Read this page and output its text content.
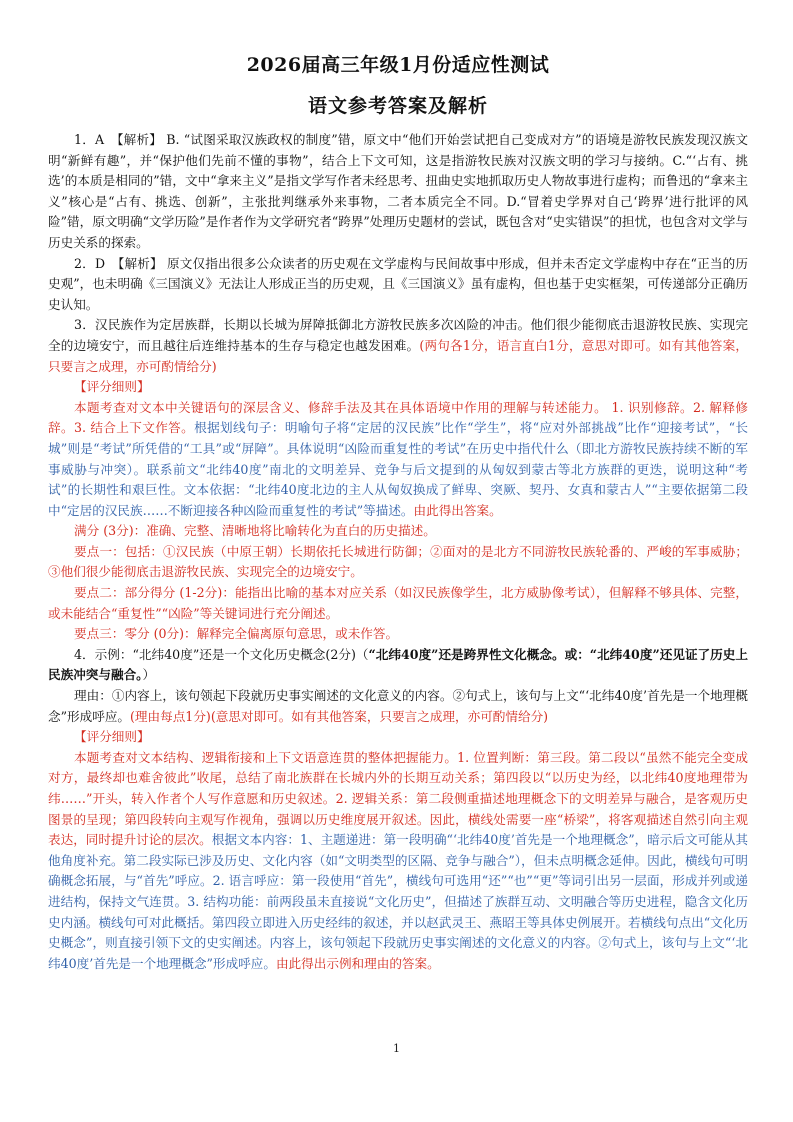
2026届高三年级1月份适应性测试
语文参考答案及解析

1．A　【解析】 B. “试图采取汉族政权的制度”错，原文中“他们开始尝试把自己变成对方”的语境是游牧民族发现汉族文明“新鲜有趣”，并“保护他们先前不懂的事物”，结合上下文可知，这是指游牧民族对汉族文明的学习与接纳。C.“‘占有、挑选’的本质是相同的”错，文中“拿来主义”是指文学写作者未经思考、扭曲史实地抓取历史人物故事进行虚构；而鲁迅的“拿来主义”核心是“占有、挑选、创新”，主张批判继承外来事物，二者本质完全不同。D.“冒着史学界对自己‘跨界’进行批评的风险”错，原文明确“文学历险”是作者作为文学研究者“跨界”处理历史题材的尝试，既包含对“史实错误”的担忧，也包含对文学与历史关系的探索。

2．D　【解析】 原文仅指出很多公众读者的历史观在文学虚构与民间故事中形成，但并未否定文学虚构中存在“正当的历史观”，也未明确《三国演义》无法让人形成正当的历史观，且《三国演义》虽有虚构，但也基于史实框架，可传递部分正确历史认知。

3．汉民族作为定居族群，长期以长城为屏障抵御北方游牧民族多次凶险的冲击。他们很少能彻底击退游牧民族、实现完全的边境安宁，而且越往后连维持基本的生存与稳定也越发困难。(两句各1分，语言直白1分，意思对即可。如有其他答案，只要言之成理，亦可酌情给分)

【评分细则】

本题考查对文本中关键语句的深层含义、修辞手法及其在具体语境中作用的理解与转述能力。 1. 识别修辞。2. 解释修辞。3. 结合上下文作答。根据划线句子：明喻句子将“定居的汉民族”比作“学生”，将“应对外部挑战”比作“迎接考试”，“长城”则是“考试”所凭借的“工具”或“屏障”。具体说明“凶险而重复性的考试”在历史中指代什么（即北方游牧民族持续不断的军事威胁与冲突）。联系前文“北纬40度”南北的文明差异、竞争与后文提到的从匈奴到蒙古等北方族群的更迭，说明这种“考试”的长期性和艰巨性。文本依据：“北纬40度北边的主人从匈奴换成了鲜卑、突厥、契丹、女真和蒙古人”“主要依据第二段中“定居的汉民族……不断迎接各种凶险而重复性的考试”等描述。由此得出答案。

满分 (3分)：准确、完整、清晰地将比喻转化为直白的历史描述。

要点一：包括：①汉民族（中原王朝）长期依托长城进行防御；②面对的是北方不同游牧民族轮番的、严峻的军事威胁；③他们很少能彻底击退游牧民族、实现完全的边境安宁。

要点二：部分得分 (1-2分)：能指出比喻的基本对应关系（如汉民族像学生，北方威胁像考试），但解释不够具体、完整，或未能结合“重复性”“凶险”等关键词进行充分阐述。

要点三：零分 (0分)：解释完全偏离原句意思，或未作答。

4．示例：“北纬40度”还是一个文化历史概念(2分)（“北纬40度”还是跨界性文化概念。或：“北纬40度”还见证了历史上民族冲突与融合。）

理由：①内容上，该句领起下段就历史事实阐述的文化意义的内容。②句式上，该句与上文“‘北纬40度’首先是一个地理概念”形成呼应。(理由每点1分)(意思对即可。如有其他答案，只要言之成理，亦可酌情给分)

【评分细则】

本题考查对文本结构、逻辑衔接和上下文语意连贯的整体把握能力。1. 位置判断：第三段。第二段以“虽然不能完全变成对方，最终却也难舍彼此”收尾，总结了南北族群在长城内外的长期互动关系；第四段以“以历史为经，以北纬40度地理带为纬……”开头，转入作者个人写作意愿和历史叙述。2. 逻辑关系：第二段侧重描述地理概念下的文明差异与融合，是客观历史图景的呈现；第四段转向主观写作视角，强调以历史维度展开叙述。因此，横线处需要一座“桥梁”，将客观描述自然引向主观表达，同时提升讨论的层次。根据文本内容：1、主题递进：第一段明确“‘北纬40度’首先是一个地理概念”，暗示后文可能从其他角度补充。第二段实际已涉及历史、文化内容（如“文明类型的区隔、竞争与融合”），但未点明概念延伸。因此，横线句可明确概念拓展，与“首先”呼应。2. 语言呼应：第一段使用“首先”，横线句可选用“还”“也”“更”等词引出另一层面，形成并列或递进结构，保持文气连贯。3. 结构功能：前两段虽未直接说“文化历史”，但描述了族群互动、文明融合等历史进程，隐含文化历史内涵。横线句可对此概括。第四段立即进入历史经纬的叙述，并以赵武灵王、燕昭王等具体史例展开。若横线句点出“文化历史概念”，则直接引领下文的史实阐述。内容上，该句领起下段就历史事实阐述的文化意义的内容。②句式上，该句与上文“‘北纬40度’首先是一个地理概念”形成呼应。由此得出示例和理由的答案。

1
